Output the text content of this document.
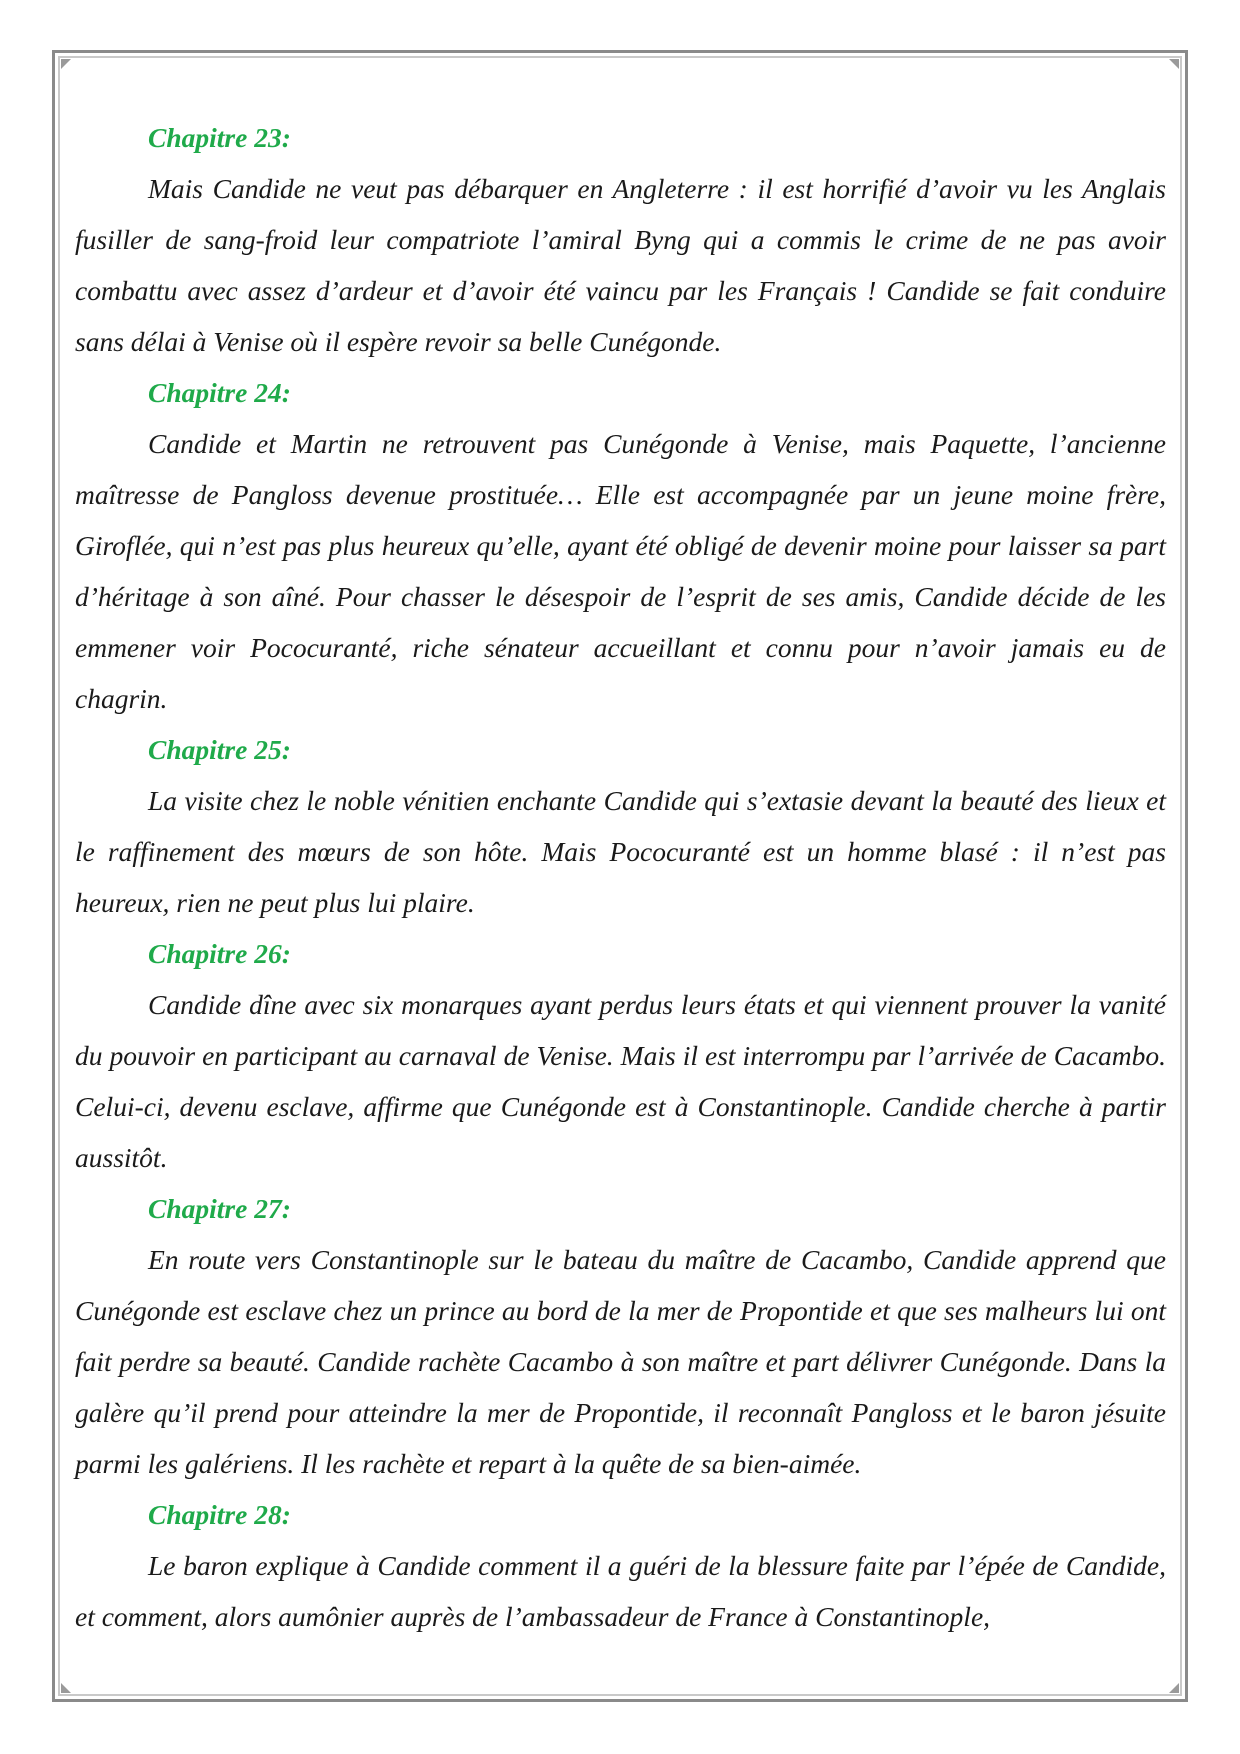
Chapitre 23:

Mais Candide ne veut pas débarquer en Angleterre : il est horrifié d’avoir vu les Anglais fusiller de sang-froid leur compatriote l’amiral Byng qui a commis le crime de ne pas avoir combattu avec assez d’ardeur et d’avoir été vaincu par les Français ! Candide se fait conduire sans délai à Venise où il espère revoir sa belle Cunégonde.

Chapitre 24:

Candide et Martin ne retrouvent pas Cunégonde à Venise, mais Paquette, l’ancienne maîtresse de Pangloss devenue prostituée… Elle est accompagnée par un jeune moine frère, Giroflée, qui n’est pas plus heureux qu’elle, ayant été obligé de devenir moine pour laisser sa part d’héritage à son aîné. Pour chasser le désespoir de l’esprit de ses amis, Candide décide de les emmener voir Pococuranté, riche sénateur accueillant et connu pour n’avoir jamais eu de chagrin.

Chapitre 25:

La visite chez le noble vénitien enchante Candide qui s’extasie devant la beauté des lieux et le raffinement des mœurs de son hôte. Mais Pococuranté est un homme blasé : il n’est pas heureux, rien ne peut plus lui plaire.

Chapitre 26:

Candide dîne avec six monarques ayant perdus leurs états et qui viennent prouver la vanité du pouvoir en participant au carnaval de Venise. Mais il est interrompu par l’arrivée de Cacambo. Celui-ci, devenu esclave, affirme que Cunégonde est à Constantinople. Candide cherche à partir aussitôt.

Chapitre 27:

En route vers Constantinople sur le bateau du maître de Cacambo, Candide apprend que Cunégonde est esclave chez un prince au bord de la mer de Propontide et que ses malheurs lui ont fait perdre sa beauté. Candide rachète Cacambo à son maître et part délivrer Cunégonde. Dans la galère qu’il prend pour atteindre la mer de Propontide, il reconnaît Pangloss et le baron jésuite parmi les galériens. Il les rachète et repart à la quête de sa bien-aimée.

Chapitre 28:

Le baron explique à Candide comment il a guéri de la blessure faite par l’épée de Candide, et comment, alors aumônier auprès de l’ambassadeur de France à Constantinople,
